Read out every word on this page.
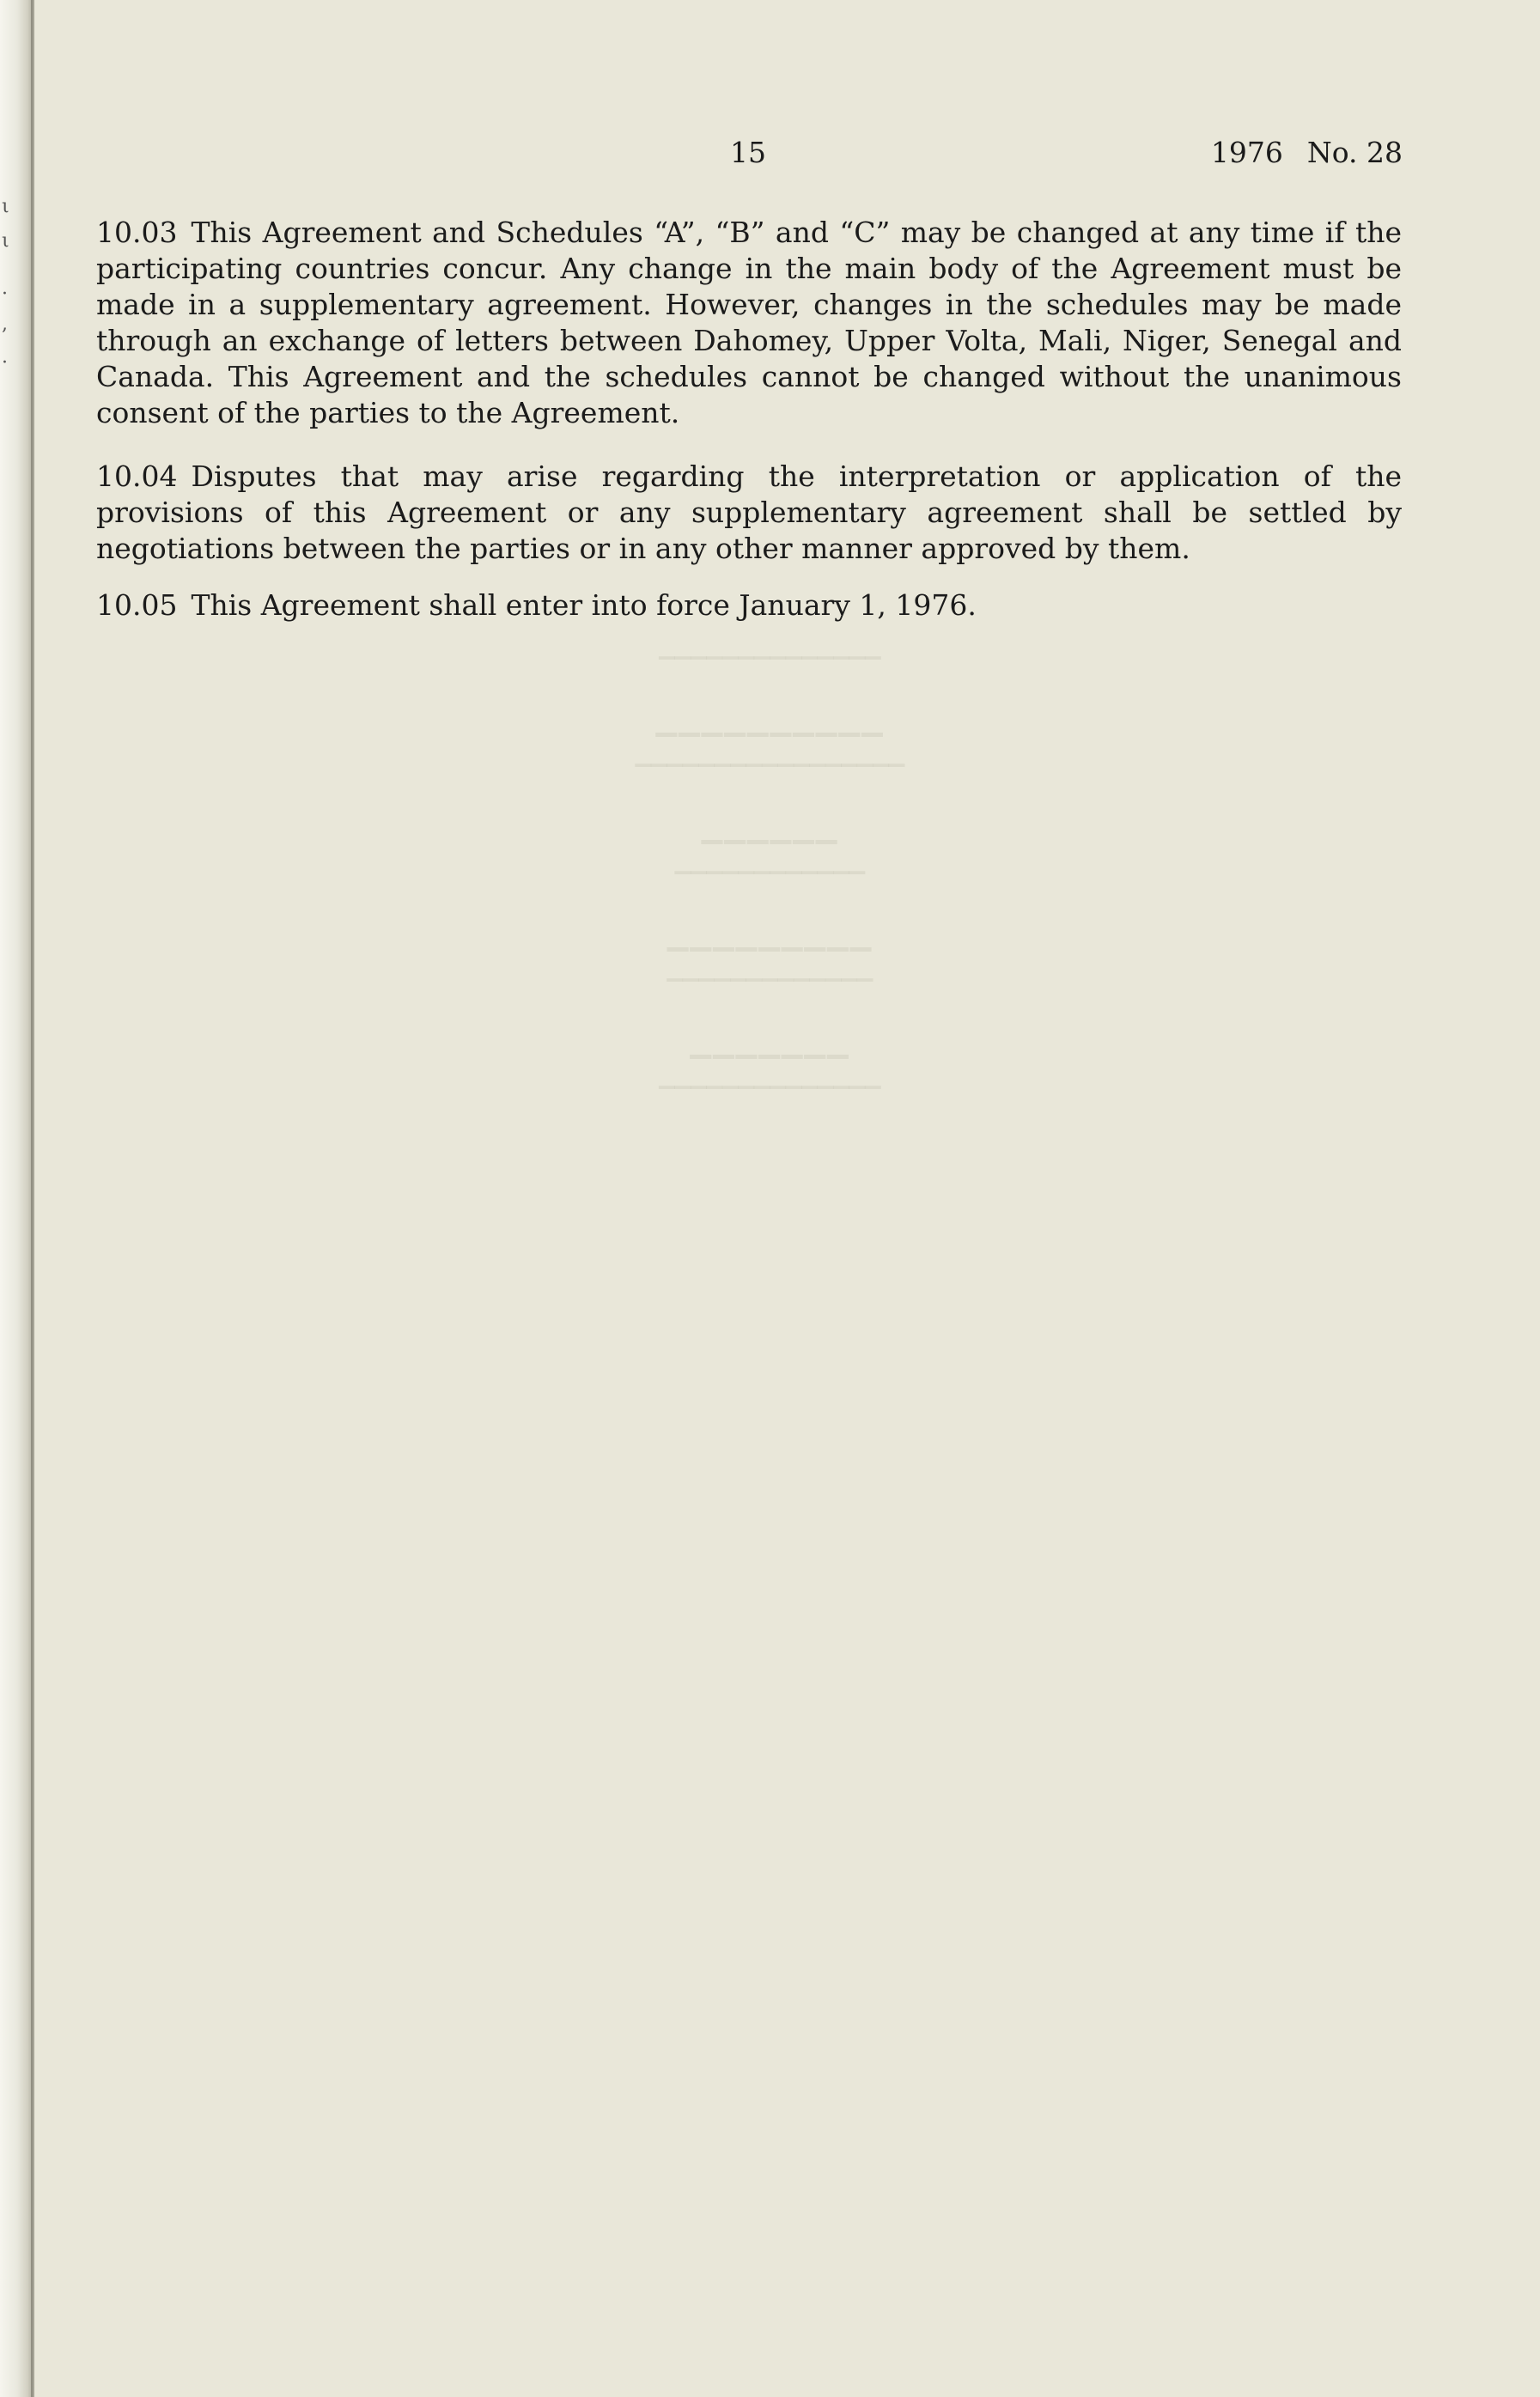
ι
ι
·
,
·
▁▁▁▁▁▁▁▁▁▁▁▁▁▁
▁▁▁▁▁▁▁▁▁▁
▁▁▁▁▁▁▁▁▁▁▁▁▁▁▁▁▁
▁▁▁▁▁▁
▁▁▁▁▁▁▁▁▁▁▁▁
▁▁▁▁▁▁▁▁▁
▁▁▁▁▁▁▁▁▁▁▁▁▁
▁▁▁▁▁▁▁
▁▁▁▁▁▁▁▁▁▁▁▁▁▁
15	1976 No. 28

10.03 This Agreement and Schedules “A”, “B” and “C” may be changed at any time if the participating countries concur. Any change in the main body of the Agreement must be made in a supplementary agreement. However, changes in the schedules may be made through an exchange of letters between Dahomey, Upper Volta, Mali, Niger, Senegal and Canada. This Agreement and the schedules cannot be changed without the unanimous consent of the parties to the Agreement.

10.04 Disputes that may arise regarding the interpretation or application of the provisions of this Agreement or any supplementary agreement shall be settled by negotiations between the parties or in any other manner approved by them.

10.05 This Agreement shall enter into force January 1, 1976.
